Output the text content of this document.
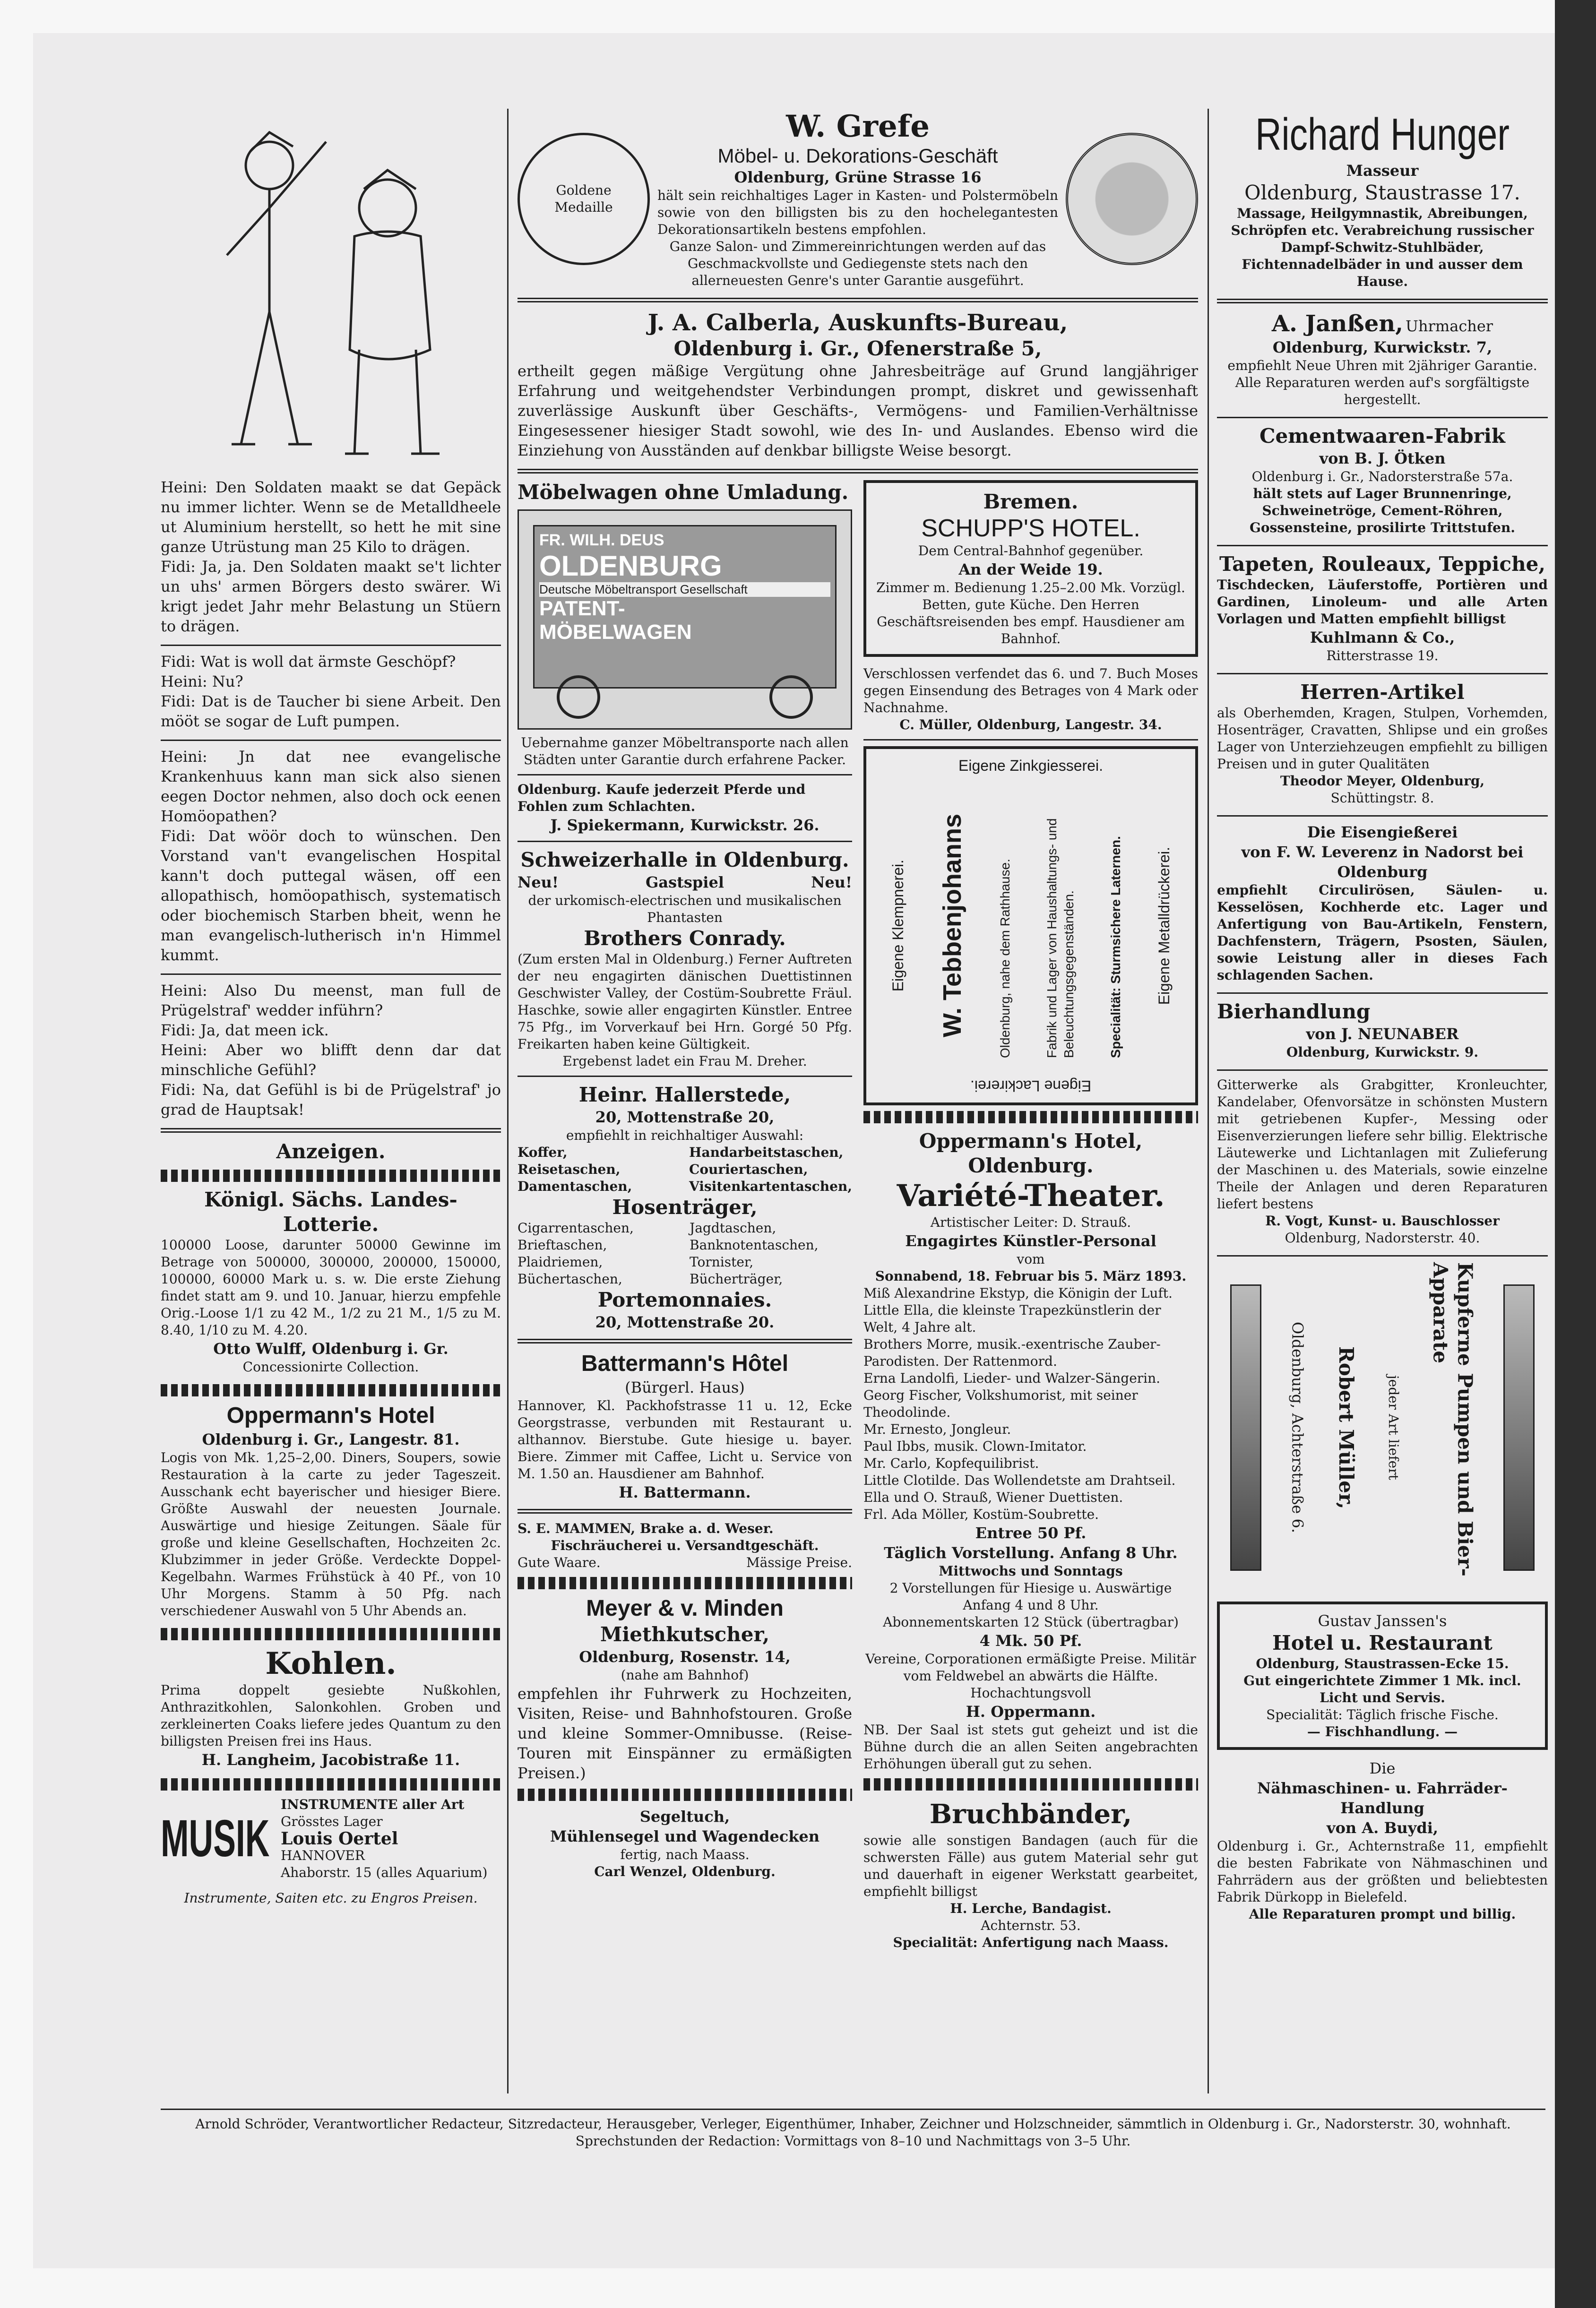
Heini: Den Soldaten maakt se dat Gepäck nu immer lichter. Wenn se de Metalldheele ut Aluminium herstellt, so hett he mit sine ganze Utrüstung man 25 Kilo to drägen.

Fidi: Ja, ja. Den Soldaten maakt se't lichter un uhs' armen Börgers desto swärer. Wi krigt jedet Jahr mehr Belastung un Stüern to drägen.

Fidi: Wat is woll dat ärmste Geschöpf?

Heini: Nu?

Fidi: Dat is de Taucher bi siene Arbeit. Den mööt se sogar de Luft pumpen.

Heini: Jn dat nee evangelische Krankenhuus kann man sick also sienen eegen Doctor nehmen, also doch ock eenen Homöopathen?

Fidi: Dat wöör doch to wünschen. Den Vorstand van't evangelischen Hospital kann't doch puttegal wäsen, off een allopathisch, homöopathisch, systematisch oder biochemisch Starben bheit, wenn he man evangelisch-lutherisch in'n Himmel kummt.

Heini: Also Du meenst, man full de Prügelstraf' wedder inführn?

Fidi: Ja, dat meen ick.

Heini: Aber wo blifft denn dar dat minschliche Gefühl?

Fidi: Na, dat Gefühl is bi de Prügelstraf' jo grad de Hauptsak!

Anzeigen.

Königl. Sächs. Landes-Lotterie.

100000 Loose, darunter 50000 Gewinne im Betrage von 500000, 300000, 200000, 150000, 100000, 60000 Mark u. s. w. Die erste Ziehung findet statt am 9. und 10. Januar, hierzu empfehle Orig.-Loose 1/1 zu 42 M., 1/2 zu 21 M., 1/5 zu M. 8.40, 1/10 zu M. 4.20.

Otto Wulff, Oldenburg i. Gr.

Concessionirte Collection.

Oppermann's Hotel

Oldenburg i. Gr., Langestr. 81.

Logis von Mk. 1,25–2,00. Diners, Soupers, sowie Restauration à la carte zu jeder Tageszeit. Ausschank echt bayerischer und hiesiger Biere. Größte Auswahl der neuesten Journale. Auswärtige und hiesige Zeitungen. Säale für große und kleine Gesellschaften, Hochzeiten 2c. Klubzimmer in jeder Größe. Verdeckte Doppel-Kegelbahn. Warmes Frühstück à 40 Pf., von 10 Uhr Morgens. Stamm à 50 Pfg. nach verschiedener Auswahl von 5 Uhr Abends an.

Kohlen.

Prima doppelt gesiebte Nußkohlen, Anthrazitkohlen, Salonkohlen. Groben und zerkleinerten Coaks liefere jedes Quantum zu den billigsten Preisen frei ins Haus.

H. Langheim, Jacobistraße 11.

MUSIK

INSTRUMENTE aller Art

Grösstes Lager

Louis Oertel

HANNOVER

Ahaborstr. 15 (alles Aquarium)

Instrumente, Saiten etc. zu Engros Preisen.

Goldene Medaille

W. Grefe

Möbel- u. Dekorations-Geschäft

Oldenburg, Grüne Strasse 16

hält sein reichhaltiges Lager in Kasten- und Polstermöbeln sowie von den billigsten bis zu den hochelegantesten Dekorationsartikeln bestens empfohlen.

Ganze Salon- und Zimmereinrichtungen werden auf das Geschmackvollste und Gediegenste stets nach den allerneuesten Genre's unter Garantie ausgeführt.

J. A. Calberla, Auskunfts-Bureau,

Oldenburg i. Gr., Ofenerstraße 5,

ertheilt gegen mäßige Vergütung ohne Jahresbeiträge auf Grund langjähriger Erfahrung und weitgehendster Verbindungen prompt, diskret und gewissenhaft zuverlässige Auskunft über Geschäfts-, Vermögens- und Familien-Verhältnisse Eingesessener hiesiger Stadt sowohl, wie des In- und Auslandes. Ebenso wird die Einziehung von Ausständen auf denkbar billigste Weise besorgt.

Möbelwagen ohne Umladung.

FR. WILH. DEUS

OLDENBURG

Deutsche Möbeltransport Gesellschaft

PATENT-

MÖBELWAGEN

Uebernahme ganzer Möbeltransporte nach allen Städten unter Garantie durch erfahrene Packer.

Oldenburg. Kaufe jederzeit Pferde und Fohlen zum Schlachten.

J. Spiekermann, Kurwickstr. 26.

Schweizerhalle in Oldenburg.

Neu!	Gastspiel	Neu!

der urkomisch-electrischen und musikalischen Phantasten

Brothers Conrady.

(Zum ersten Mal in Oldenburg.) Ferner Auftreten der neu engagirten dänischen Duettistinnen Geschwister Valley, der Costüm-Soubrette Fräul. Haschke, sowie aller engagirten Künstler. Entree 75 Pfg., im Vorverkauf bei Hrn. Gorgé 50 Pfg. Freikarten haben keine Gültigkeit.

Ergebenst ladet ein Frau M. Dreher.

Heinr. Hallerstede,

20, Mottenstraße 20,

empfiehlt in reichhaltiger Auswahl:

Koffer,	Handarbeitstaschen,

Reisetaschen,	Couriertaschen,

Damentaschen,	Visitenkartentaschen,

Hosenträger,

Cigarrentaschen,	Jagdtaschen,

Brieftaschen,	Banknotentaschen,

Plaidriemen,	Tornister,

Büchertaschen,	Bücherträger,

Portemonnaies.

20, Mottenstraße 20.

Battermann's Hôtel

(Bürgerl. Haus)

Hannover, Kl. Packhofstrasse 11 u. 12, Ecke Georgstrasse, verbunden mit Restaurant u. althannov. Bierstube. Gute hiesige u. bayer. Biere. Zimmer mit Caffee, Licht u. Service von M. 1.50 an. Hausdiener am Bahnhof.

H. Battermann.

S. E. MAMMEN, Brake a. d. Weser.

Fischräucherei u. Versandtgeschäft.

Gute Waare.	Mässige Preise.

Meyer & v. Minden

Miethkutscher,

Oldenburg, Rosenstr. 14,

(nahe am Bahnhof)

empfehlen ihr Fuhrwerk zu Hochzeiten, Visiten, Reise- und Bahnhofstouren. Große und kleine Sommer-Omnibusse. (Reise-Touren mit Einspänner zu ermäßigten Preisen.)

Segeltuch,

Mühlensegel und Wagendecken

fertig, nach Maass.

Carl Wenzel, Oldenburg.

Bremen.

SCHUPP'S HOTEL.

Dem Central-Bahnhof gegenüber.

An der Weide 19.

Zimmer m. Bedienung 1.25–2.00 Mk. Vorzügl. Betten, gute Küche. Den Herren Geschäftsreisenden bes empf. Hausdiener am Bahnhof.

Verschlossen verfendet das 6. und 7. Buch Moses gegen Einsendung des Betrages von 4 Mark oder Nachnahme.

C. Müller, Oldenburg, Langestr. 34.

Eigene Zinkgiesserei.

Eigene Klempnerei. W. Tebbenjohanns Oldenburg, nahe dem Rathhause. Fabrik und Lager von Haushaltungs- und Beleuchtungsgegenständen. Specialität: Sturmsichere Laternen. Eigene Metalldrückerei.

Eigene Lackirerei.

Oppermann's Hotel, Oldenburg.

Variété-Theater.

Artistischer Leiter: D. Strauß.

Engagirtes Künstler-Personal

vom

Sonnabend, 18. Februar bis 5. März 1893.

Miß Alexandrine Ekstyp, die Königin der Luft.

Little Ella, die kleinste Trapezkünstlerin der Welt, 4 Jahre alt.

Brothers Morre, musik.-exentrische Zauber-Parodisten. Der Rattenmord.

Erna Landolfi, Lieder- und Walzer-Sängerin.

Georg Fischer, Volkshumorist, mit seiner Theodolinde.

Mr. Ernesto, Jongleur.

Paul Ibbs, musik. Clown-Imitator.

Mr. Carlo, Kopfequilibrist.

Little Clotilde. Das Wollendetste am Drahtseil.

Ella und O. Strauß, Wiener Duettisten.

Frl. Ada Möller, Kostüm-Soubrette.

Entree 50 Pf.

Täglich Vorstellung. Anfang 8 Uhr.

Mittwochs und Sonntags

2 Vorstellungen für Hiesige u. Auswärtige

Anfang 4 und 8 Uhr.

Abonnementskarten 12 Stück (übertragbar)

4 Mk. 50 Pf.

Vereine, Corporationen ermäßigte Preise. Militär vom Feldwebel an abwärts die Hälfte.

Hochachtungsvoll

H. Oppermann.

NB. Der Saal ist stets gut geheizt und ist die Bühne durch die an allen Seiten angebrachten Erhöhungen überall gut zu sehen.

Bruchbänder,

sowie alle sonstigen Bandagen (auch für die schwersten Fälle) aus gutem Material sehr gut und dauerhaft in eigener Werkstatt gearbeitet, empfiehlt billigst

H. Lerche, Bandagist.

Achternstr. 53.

Specialität: Anfertigung nach Maass.

Richard Hunger

Masseur

Oldenburg, Staustrasse 17.

Massage, Heilgymnastik, Abreibungen, Schröpfen etc. Verabreichung russischer Dampf-Schwitz-Stuhlbäder, Fichtennadelbäder in und ausser dem Hause.

A. Janßen, Uhrmacher

Oldenburg, Kurwickstr. 7,

empfiehlt Neue Uhren mit 2jähriger Garantie. Alle Reparaturen werden auf's sorgfältigste hergestellt.

Cementwaaren-Fabrik

von B. J. Ötken

Oldenburg i. Gr., Nadorsterstraße 57a.

hält stets auf Lager Brunnenringe, Schweinetröge, Cement-Röhren, Gossensteine, prosilirte Trittstufen.

Tapeten, Rouleaux, Teppiche,

Tischdecken, Läuferstoffe, Portièren und Gardinen, Linoleum- und alle Arten Vorlagen und Matten empfiehlt billigst

Kuhlmann & Co.,

Ritterstrasse 19.

Herren-Artikel

als Oberhemden, Kragen, Stulpen, Vorhemden, Hosenträger, Cravatten, Shlipse und ein großes Lager von Unterziehzeugen empfiehlt zu billigen Preisen und in guter Qualitäten

Theodor Meyer, Oldenburg,

Schüttingstr. 8.

Die Eisengießerei

von F. W. Leverenz in Nadorst bei Oldenburg

empfiehlt Circulirösen, Säulen- u. Kesselösen, Kochherde etc. Lager und Anfertigung von Bau-Artikeln, Fenstern, Dachfenstern, Trägern, Psosten, Säulen, sowie Leistung aller in dieses Fach schlagenden Sachen.

Bierhandlung

von J. NEUNABER

Oldenburg, Kurwickstr. 9.

Gitterwerke als Grabgitter, Kronleuchter, Kandelaber, Ofenvorsätze in schönsten Mustern mit getriebenen Kupfer-, Messing oder Eisenverzierungen liefere sehr billig. Elektrische Läutewerke und Lichtanlagen mit Zulieferung der Maschinen u. des Materials, sowie einzelne Theile der Anlagen und deren Reparaturen liefert bestens

R. Vogt, Kunst- u. Bauschlosser

Oldenburg, Nadorsterstr. 40.

Oldenburg, Achterstraße 6. Robert Müller, jeder Art liefert	Kupferne Pumpen und Bier-Apparate

Gustav Janssen's

Hotel u. Restaurant

Oldenburg, Staustrassen-Ecke 15.

Gut eingerichtete Zimmer 1 Mk. incl. Licht und Servis.

Specialität: Täglich frische Fische.

— Fischhandlung. —

Die

Nähmaschinen- u. Fahrräder-Handlung

von A. Buydi,

Oldenburg i. Gr., Achternstraße 11, empfiehlt die besten Fabrikate von Nähmaschinen und Fahrrädern aus der größten und beliebtesten Fabrik Dürkopp in Bielefeld.

Alle Reparaturen prompt und billig.

Arnold Schröder, Verantwortlicher Redacteur, Sitzredacteur, Herausgeber, Verleger, Eigenthümer, Inhaber, Zeichner und Holzschneider, sämmtlich in Oldenburg i. Gr., Nadorsterstr. 30, wohnhaft.

Sprechstunden der Redaction: Vormittags von 8–10 und Nachmittags von 3–5 Uhr.
